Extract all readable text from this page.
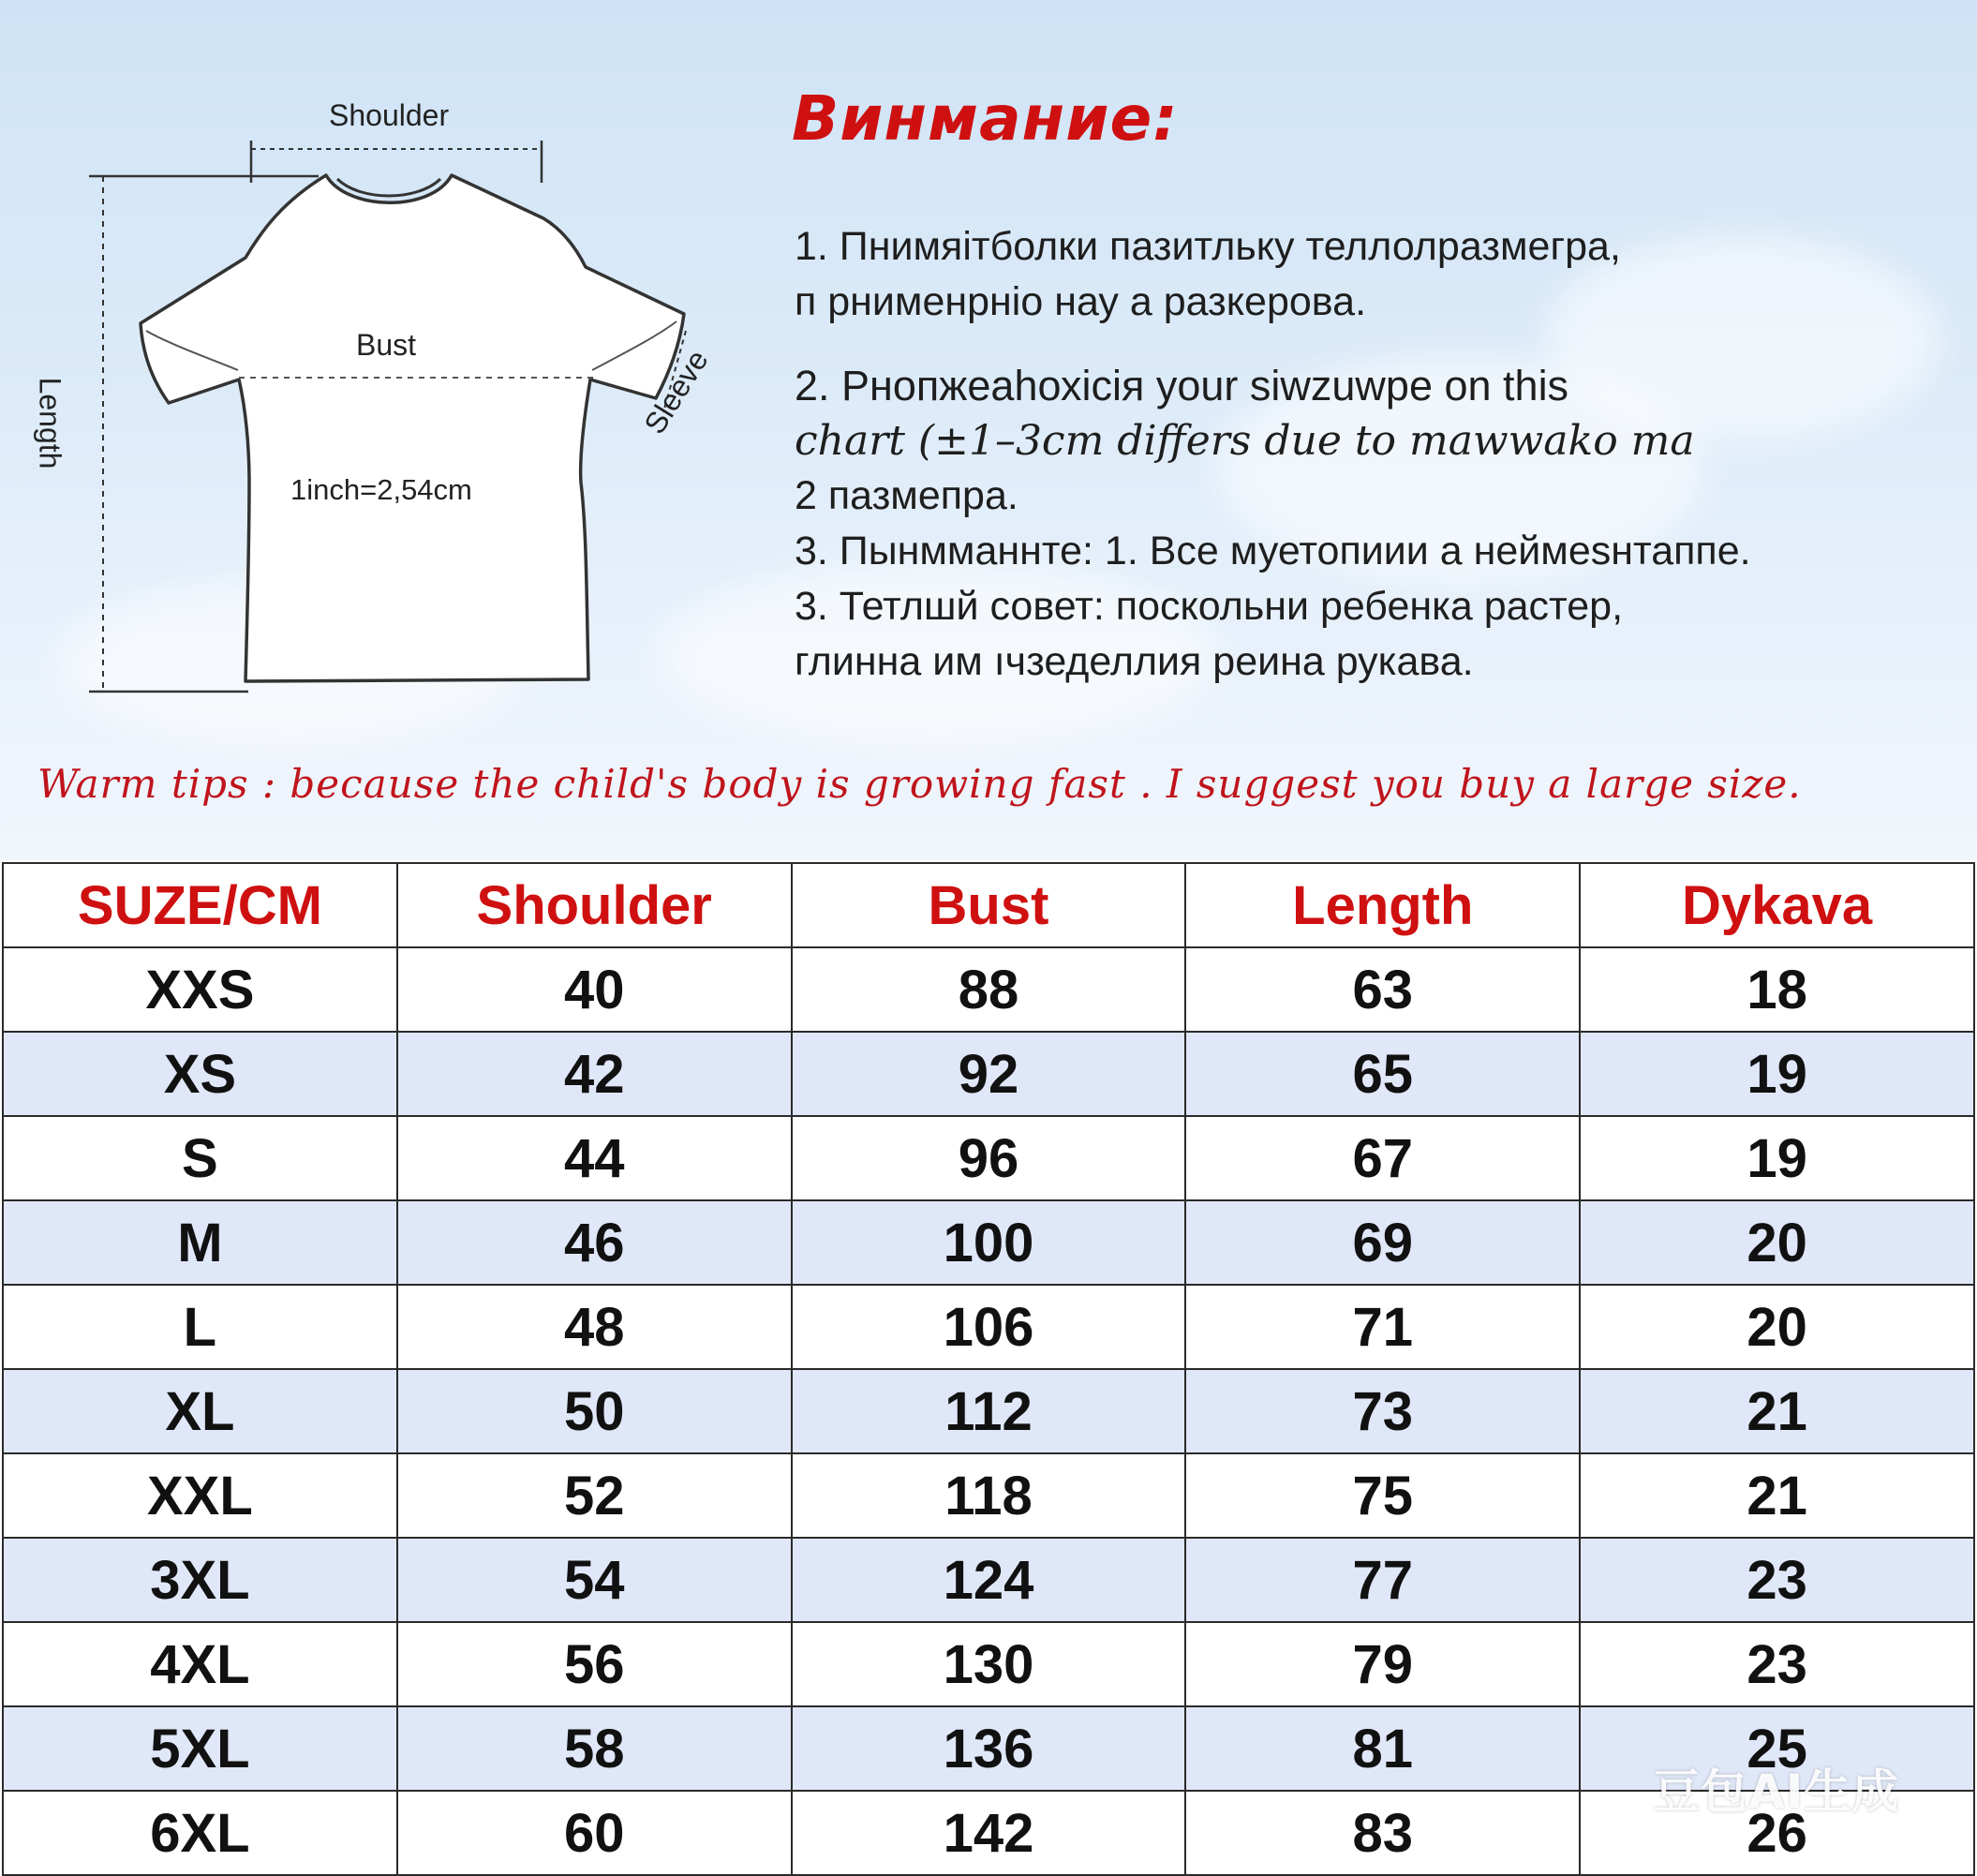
Shoulder
Bust
1inch=2,54cm
Length	Sleeve
Винмание:

1. Пнимяітболки пазитльку теллолразмегра,

п рнименрніо нау а разкерова.

2. Рнопжеаhохісія your siwzuwpe on this

chart (±1–3cm differs due to mawwako ma

2 пазмепра.

3. Пынмманнте: 1. Все муетопиии а неймеsнтаппе.

3. Тетлшй совет: поскольни ребенка растер,

глинна им ıчзеделлия реина рукава.

Warm tips : because the child's body is growing fast . I suggest you buy a large size.
SUZE/CM	Shoulder	Bust	Length	Dykava
XXS	40	88	63	18
XS	42	92	65	19
S	44	96	67	19
M	46	100	69	20
L	48	106	71	20
XL	50	112	73	21
XXL	52	118	75	21
3XL	54	124	77	23
4XL	56	130	79	23
5XL	58	136	81	25
6XL	60	142	83	26
豆包AI生成
